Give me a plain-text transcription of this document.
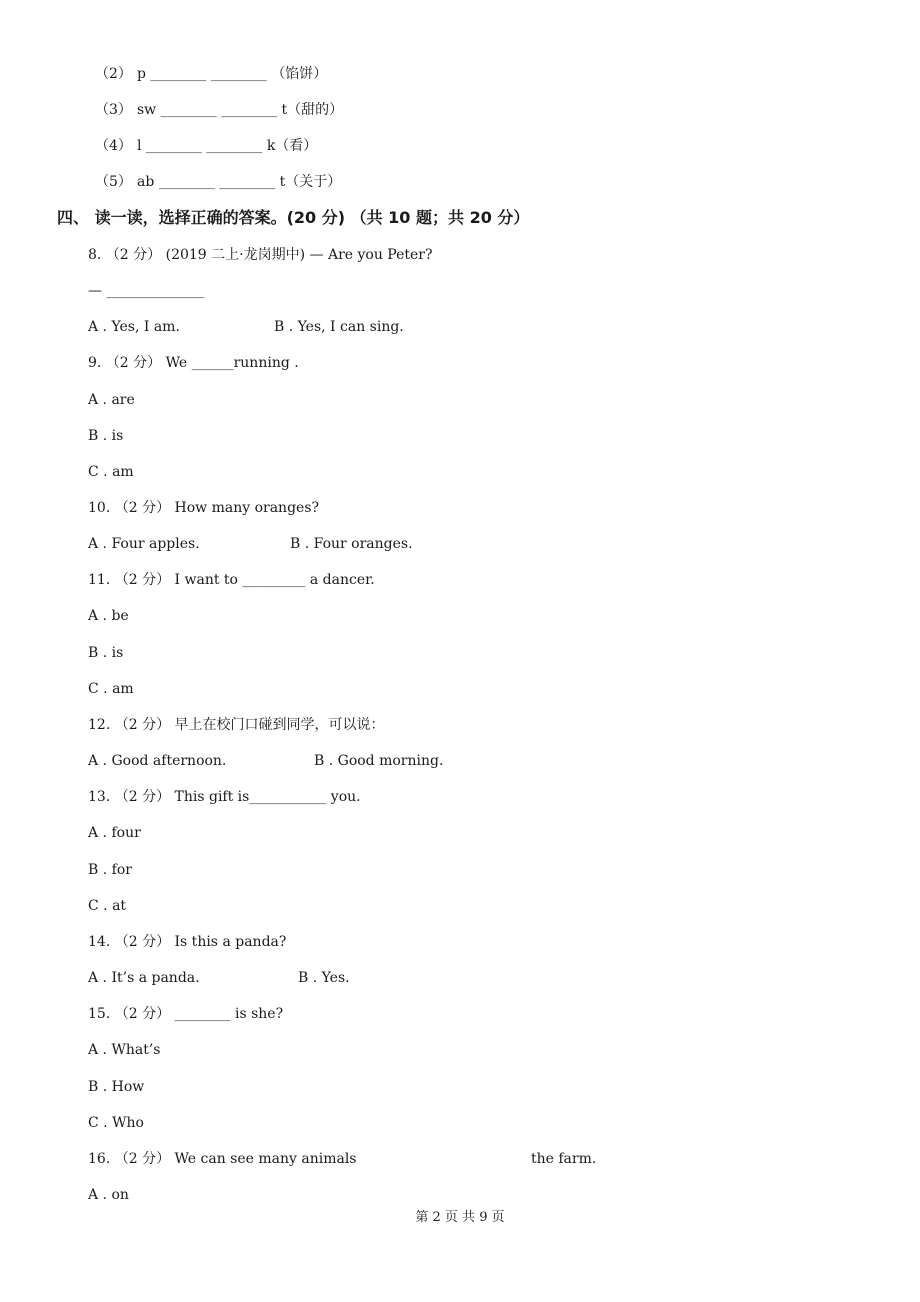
（2） p ________ ________ （馅饼）
（3） sw ________ ________ t（甜的）
（4） l ________ ________ k（看）
（5） ab ________ ________ t（关于）
四、 读一读，选择正确的答案。(20 分) （共 10 题；共 20 分）
8. （2 分） (2019 二上·龙岗期中) — Are you Peter?
— ______________
A . Yes, I am.	B . Yes, I can sing.
9. （2 分） We ______running .
A . are
B . is
C . am
10. （2 分） How many oranges?
A . Four apples.	B . Four oranges.
11. （2 分） I want to _________ a dancer.
A . be
B . is
C . am
12. （2 分） 早上在校门口碰到同学，可以说：
A . Good afternoon.	B . Good morning.
13. （2 分） This gift is___________ you.
A . four
B . for
C . at
14. （2 分） Is this a panda?
A . It’s a panda.	B . Yes.
15. （2 分） ________ is she?
A . What’s
B . How
C . Who
16. （2 分） We can see many animals	the farm.
A . on
第 2 页 共 9 页
